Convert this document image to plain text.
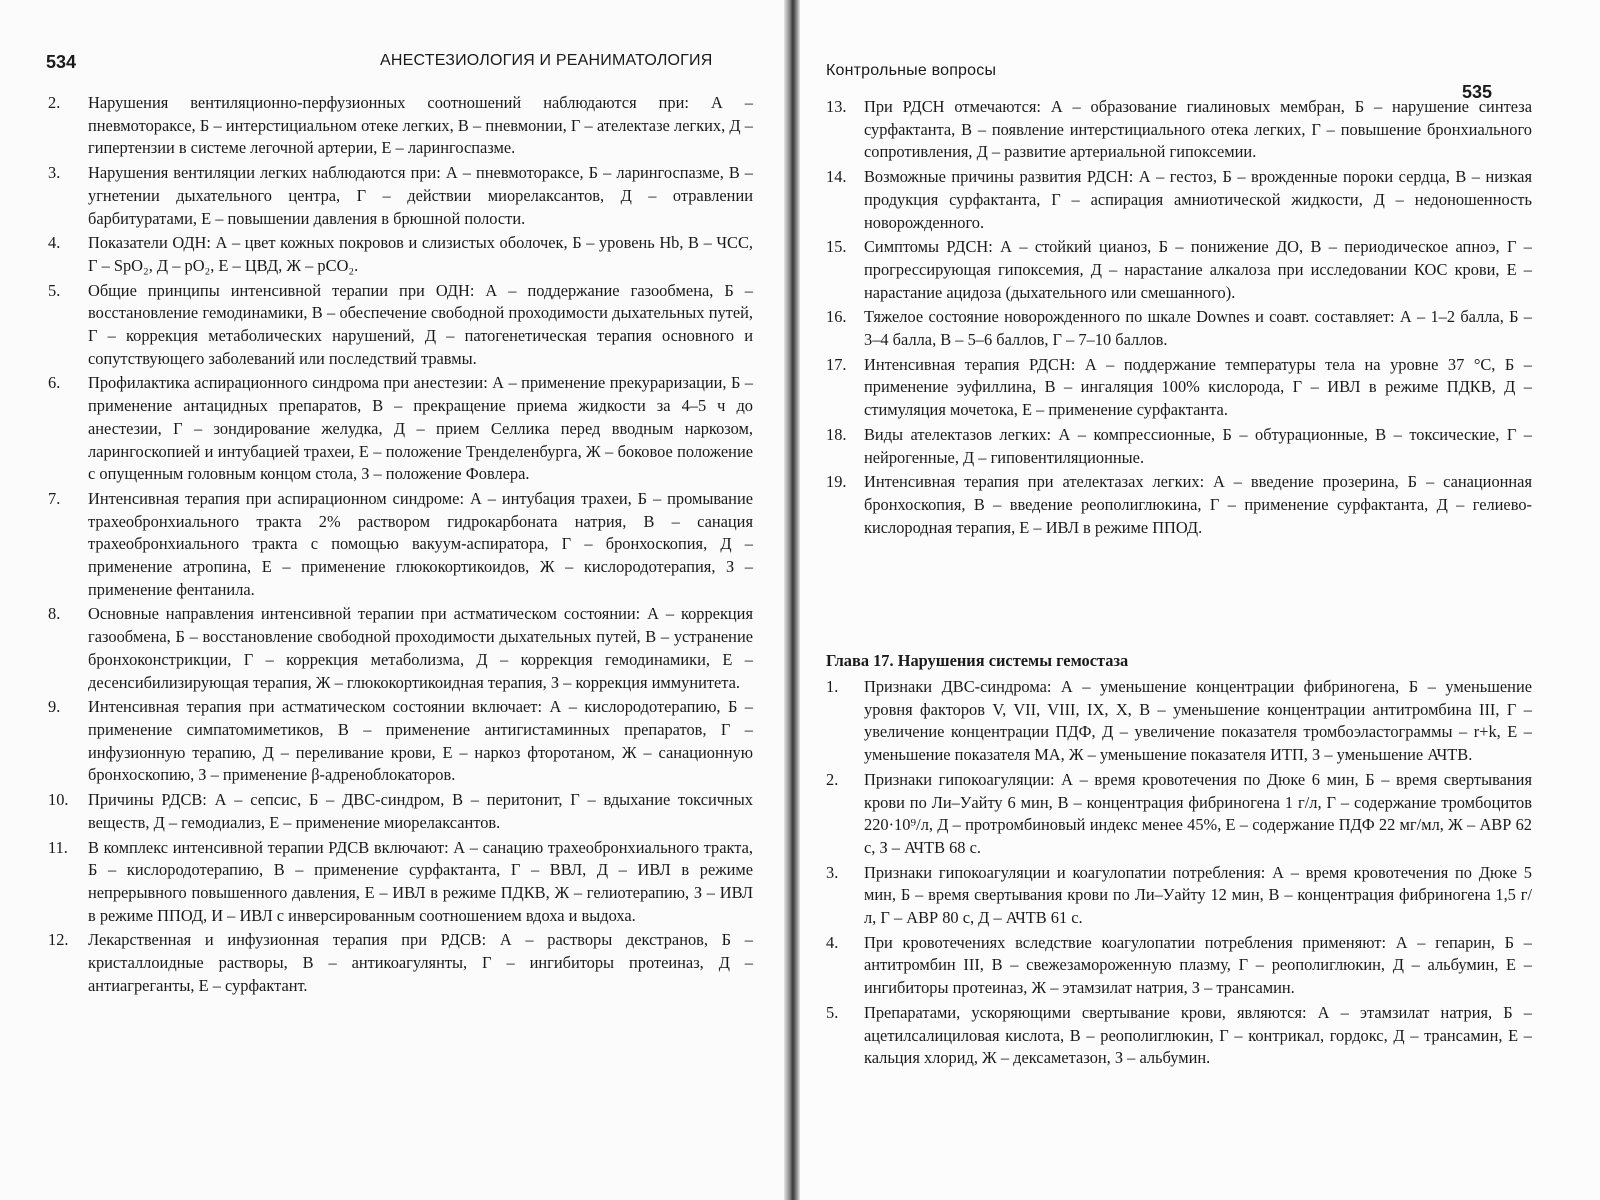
534	АНЕСТЕЗИОЛОГИЯ И РЕАНИМАТОЛОГИЯ
2. Нарушения вентиляционно-перфузионных соотношений наблюдаются при: А – пневмотораксе, Б – интерстициальном отеке легких, В – пневмонии, Г – ателектазе легких, Д – гипертензии в системе легочной артерии, Е – ларингоспазме.
3. Нарушения вентиляции легких наблюдаются при: А – пневмотораксе, Б – ларингоспазме, В – угнетении дыхательного центра, Г – действии миорелаксантов, Д – отравлении барбитуратами, Е – повышении давления в брюшной полости.
4. Показатели ОДН: А – цвет кожных покровов и слизистых оболочек, Б – уровень Hb, В – ЧСС, Г – SpO₂, Д – pO₂, Е – ЦВД, Ж – pCO₂.
5. Общие принципы интенсивной терапии при ОДН: А – поддержание газообмена, Б – восстановление гемодинамики, В – обеспечение свободной проходимости дыхательных путей, Г – коррекция метаболических нарушений, Д – патогенетическая терапия основного и сопутствующего заболеваний или последствий травмы.
6. Профилактика аспирационного синдрома при анестезии: А – применение прекураризации, Б – применение антацидных препаратов, В – прекращение приема жидкости за 4–5 ч до анестезии, Г – зондирование желудка, Д – прием Селлика перед вводным наркозом, ларингоскопией и интубацией трахеи, Е – положение Тренделенбурга, Ж – боковое положение с опущенным головным концом стола, З – положение Фовлера.
7. Интенсивная терапия при аспирационном синдроме: А – интубация трахеи, Б – промывание трахеобронхиального тракта 2% раствором гидрокарбоната натрия, В – санация трахеобронхиального тракта с помощью вакуум-аспиратора, Г – бронхоскопия, Д – применение атропина, Е – применение глюкокортикоидов, Ж – кислородотерапия, З – применение фентанила.
8. Основные направления интенсивной терапии при астматическом состоянии: А – коррекция газообмена, Б – восстановление свободной проходимости дыхательных путей, В – устранение бронхоконстрикции, Г – коррекция метаболизма, Д – коррекция гемодинамики, Е – десенсибилизирующая терапия, Ж – глюкокортикоидная терапия, З – коррекция иммунитета.
9. Интенсивная терапия при астматическом состоянии включает: А – кислородотерапию, Б – применение симпатомиметиков, В – применение антигистаминных препаратов, Г – инфузионную терапию, Д – переливание крови, Е – наркоз фторотаном, Ж – санационную бронхоскопию, З – применение β-адреноблокаторов.
10. Причины РДСВ: А – сепсис, Б – ДВС-синдром, В – перитонит, Г – вдыхание токсичных веществ, Д – гемодиализ, Е – применение миорелаксантов.
11. В комплекс интенсивной терапии РДСВ включают: А – санацию трахеобронхиального тракта, Б – кислородотерапию, В – применение сурфактанта, Г – ВВЛ, Д – ИВЛ в режиме непрерывного повышенного давления, Е – ИВЛ в режиме ПДКВ, Ж – гелиотерапию, З – ИВЛ в режиме ППОД, И – ИВЛ с инверсированным соотношением вдоха и выдоха.
12. Лекарственная и инфузионная терапия при РДСВ: А – растворы декстранов, Б – кристаллоидные растворы, В – антикоагулянты, Г – ингибиторы протеиназ, Д – антиагреганты, Е – сурфактант.
Контрольные вопросы
535
13. При РДСН отмечаются: А – образование гиалиновых мембран, Б – нарушение синтеза сурфактанта, В – появление интерстициального отека легких, Г – повышение бронхиального сопротивления, Д – развитие артериальной гипоксемии.
14. Возможные причины развития РДСН: А – гестоз, Б – врожденные пороки сердца, В – низкая продукция сурфактанта, Г – аспирация амниотической жидкости, Д – недоношенность новорожденного.
15. Симптомы РДСН: А – стойкий цианоз, Б – понижение ДО, В – периодическое апноэ, Г – прогрессирующая гипоксемия, Д – нарастание алкалоза при исследовании КОС крови, Е – нарастание ацидоза (дыхательного или смешанного).
16. Тяжелое состояние новорожденного по шкале Downes и соавт. составляет: А – 1–2 балла, Б – 3–4 балла, В – 5–6 баллов, Г – 7–10 баллов.
17. Интенсивная терапия РДСН: А – поддержание температуры тела на уровне 37 °С, Б – применение эуфиллина, В – ингаляция 100% кислорода, Г – ИВЛ в режиме ПДКВ, Д – стимуляция мочетока, Е – применение сурфактанта.
18. Виды ателектазов легких: А – компрессионные, Б – обтурационные, В – токсические, Г – нейрогенные, Д – гиповентиляционные.
19. Интенсивная терапия при ателектазах легких: А – введение прозерина, Б – санационная бронхоскопия, В – введение реополиглюкина, Г – применение сурфактанта, Д – гелиево-кислородная терапия, Е – ИВЛ в режиме ППОД.
1. Признаки ДВС-синдрома: А – уменьшение концентрации фибриногена, Б – уменьшение уровня факторов V, VII, VIII, IX, X, В – уменьшение концентрации антитромбина III, Г – увеличение концентрации ПДФ, Д – увеличение показателя тромбоэластограммы – r+k, Е – уменьшение показателя МА, Ж – уменьшение показателя ИТП, З – уменьшение АЧТВ.
2. Признаки гипокоагуляции: А – время кровотечения по Дюке 6 мин, Б – время свертывания крови по Ли–Уайту 6 мин, В – концентрация фибриногена 1 г/л, Г – содержание тромбоцитов 220·10⁹/л, Д – протромбиновый индекс менее 45%, Е – содержание ПДФ 22 мг/мл, Ж – АВР 62 с, З – АЧТВ 68 с.
3. Признаки гипокоагуляции и коагулопатии потребления: А – время кровотечения по Дюке 5 мин, Б – время свертывания крови по Ли–Уайту 12 мин, В – концентрация фибриногена 1,5 г/л, Г – АВР 80 с, Д – АЧТВ 61 с.
4. При кровотечениях вследствие коагулопатии потребления применяют: А – гепарин, Б – антитромбин III, В – свежезамороженную плазму, Г – реополиглюкин, Д – альбумин, Е – ингибиторы протеиназ, Ж – этамзилат натрия, З – трансамин.
5. Препаратами, ускоряющими свертывание крови, являются: А – этамзилат натрия, Б – ацетилсалициловая кислота, В – реополиглюкин, Г – контрикал, гордокс, Д – трансамин, Е – кальция хлорид, Ж – дексаметазон, З – альбумин.
Глава 17. Нарушения системы гемостаза
